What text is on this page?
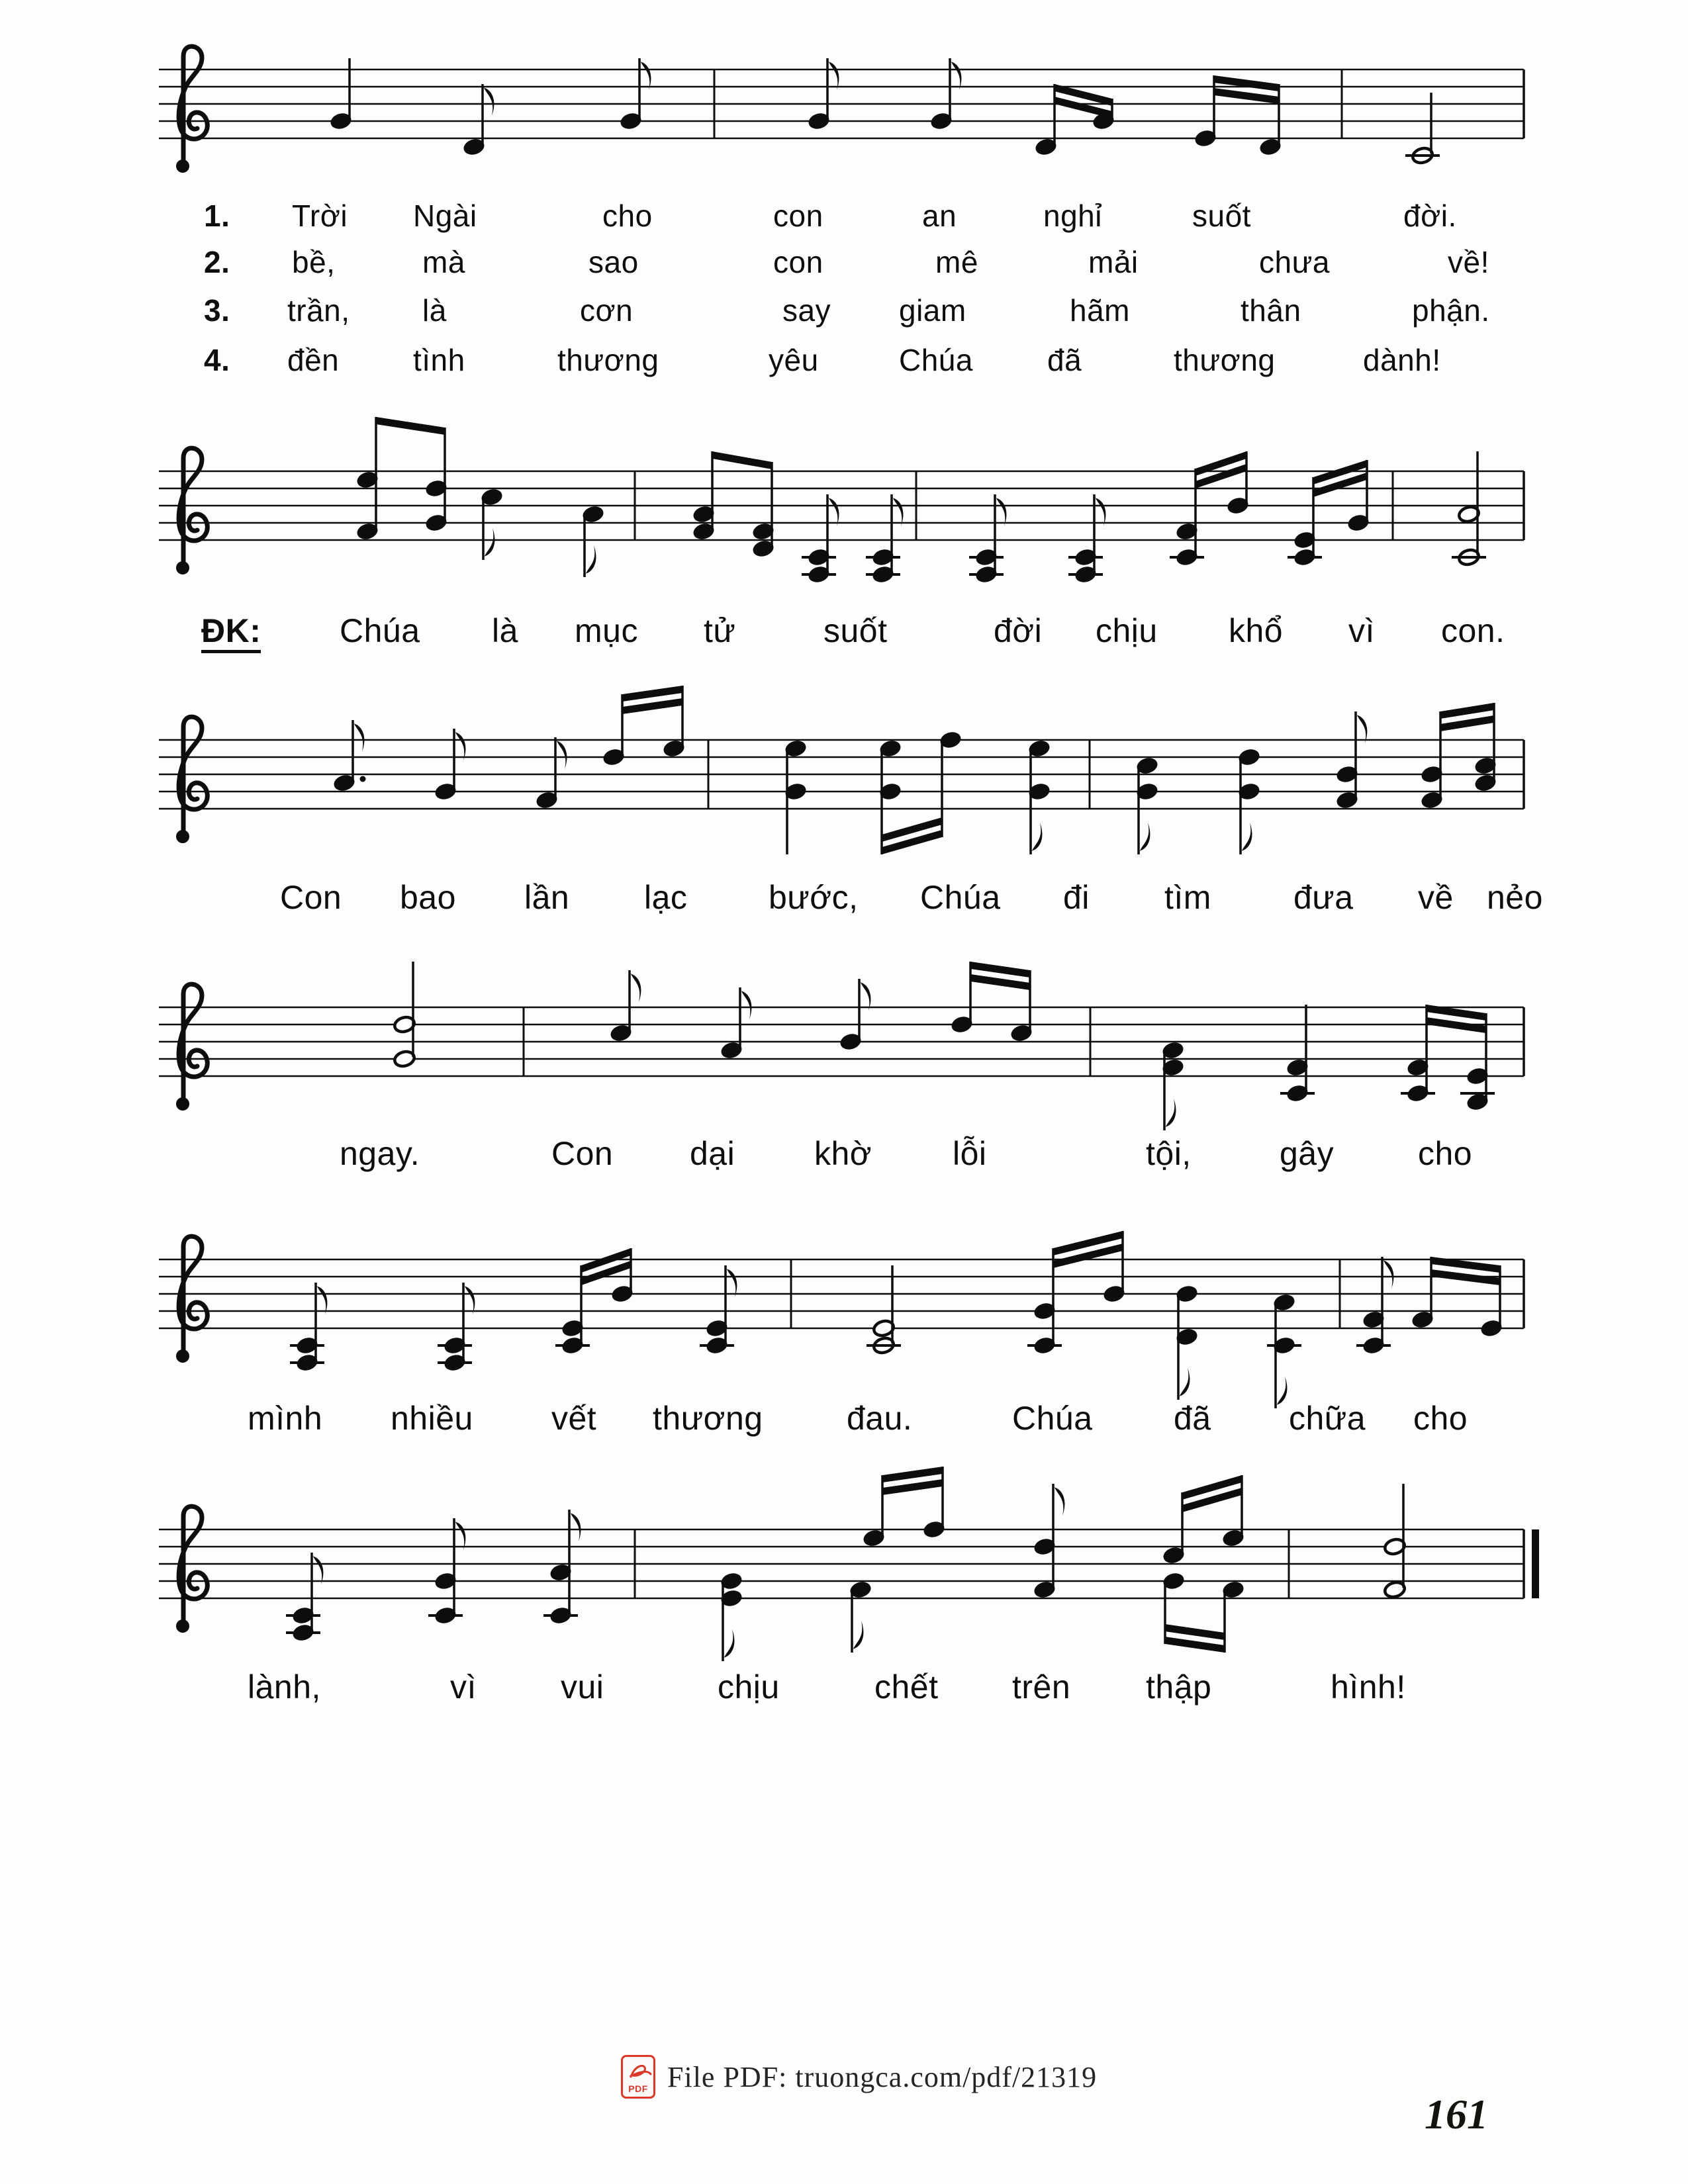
1. Trời Ngài	cho	con	an	nghỉ	suốt	đời.
2. bề,	mà	sao	con	mê	mải	chưa	về!
3. trần, là	cơn	say giam	hãm	thân	phận.
4. đền tình	thương	yêu	Chúa đã	thương	dành!
ĐK: Chúa là mục tử	suốt	đời chịu khổ vì con.
Con bao lần lạc bước, Chúa đi tìm đưa về nẻo
ngay.	Con dại khờ lỗi	tội,	gây	cho
mình nhiều vết thương	đau.	Chúa đã chữa cho
lành,	vì	vui	chịu	chết trên thập	hình!
PDF File PDF: truongca.com/pdf/21319
161
